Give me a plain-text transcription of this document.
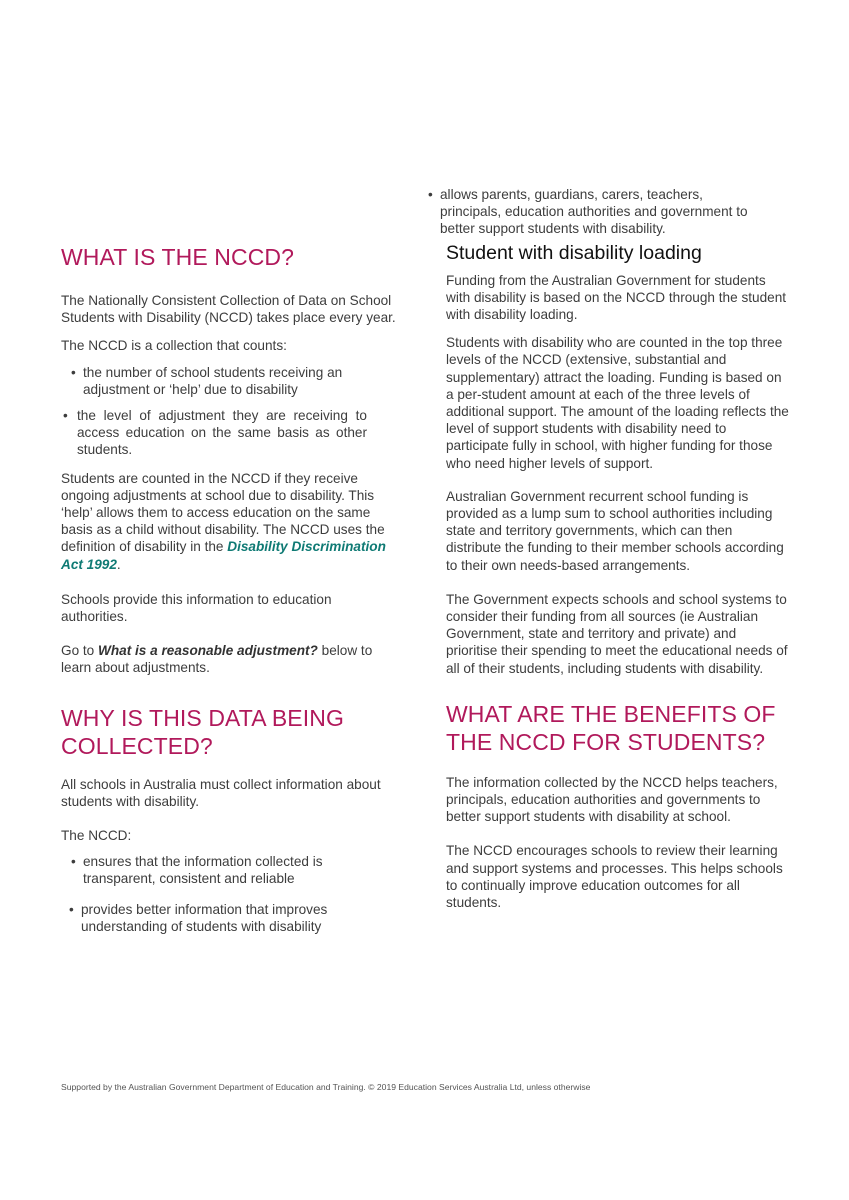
WHAT IS THE NCCD?

The Nationally Consistent Collection of Data on School Students with Disability (NCCD) takes place every year.

The NCCD is a collection that counts:

• the number of school students receiving an adjustment or ‘help’ due to disability
• the level of adjustment they are receiving to access education on the same basis as other students.

Students are counted in the NCCD if they receive ongoing adjustments at school due to disability. This ‘help’ allows them to access education on the same basis as a child without disability. The NCCD uses the definition of disability in the Disability Discrimination Act 1992.

Schools provide this information to education authorities.

Go to What is a reasonable adjustment? below to learn about adjustments.

WHY IS THIS DATA BEING COLLECTED?

All schools in Australia must collect information about students with disability.

The NCCD:

• ensures that the information collected is transparent, consistent and reliable
• provides better information that improves understanding of students with disability
• allows parents, guardians, carers, teachers, principals, education authorities and government to better support students with disability.
Student with disability loading

Funding from the Australian Government for students with disability is based on the NCCD through the student with disability loading.

Students with disability who are counted in the top three levels of the NCCD (extensive, substantial and supplementary) attract the loading. Funding is based on a per-student amount at each of the three levels of additional support. The amount of the loading reflects the level of support students with disability need to participate fully in school, with higher funding for those who need higher levels of support.

Australian Government recurrent school funding is provided as a lump sum to school authorities including state and territory governments, which can then distribute the funding to their member schools according to their own needs-based arrangements.

The Government expects schools and school systems to consider their funding from all sources (ie Australian Government, state and territory and private) and prioritise their spending to meet the educational needs of all of their students, including students with disability.

WHAT ARE THE BENEFITS OF THE NCCD FOR STUDENTS?

The information collected by the NCCD helps teachers, principals, education authorities and governments to better support students with disability at school.

The NCCD encourages schools to review their learning and support systems and processes. This helps schools to continually improve education outcomes for all students.

Supported by the Australian Government Department of Education and Training. © 2019 Education Services Australia Ltd, unless otherwise
